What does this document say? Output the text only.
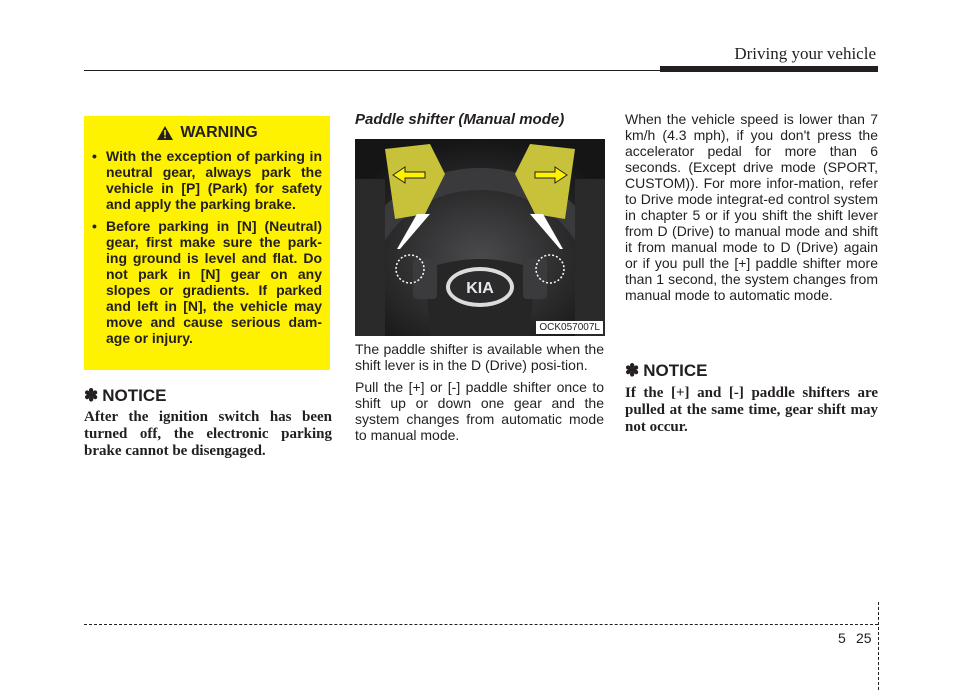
Driving your vehicle
WARNING
• With the exception of parking in neutral gear, always park the vehicle in [P] (Park) for safety and apply the parking brake.
• Before parking in [N] (Neutral) gear, first make sure the park-ing ground is level and flat. Do not park in [N] gear on any slopes or gradients. If parked and left in [N], the vehicle may move and cause serious dam-age or injury.
✽ NOTICE
After the ignition switch has been turned off, the electronic parking brake cannot be disengaged.
Paddle shifter (Manual mode)
KIA
OCK057007L

The paddle shifter is available when the shift lever is in the D (Drive) posi-tion.

Pull the [+] or [-] paddle shifter once to shift up or down one gear and the system changes from automatic mode to manual mode.

When the vehicle speed is lower than 7 km/h (4.3 mph), if you don't press the accelerator pedal for more than 6 seconds. (Except drive mode (SPORT, CUSTOM)). For more infor-mation, refer to Drive mode integrat-ed control system in chapter 5 or if you shift the shift lever from D (Drive) to manual mode and shift it from manual mode to D (Drive) again or if you pull the [+] paddle shifter more than 1 second, the system changes from manual mode to automatic mode.

✽ NOTICE
If the [+] and [-] paddle shifters are pulled at the same time, gear shift may not occur.
5 25
